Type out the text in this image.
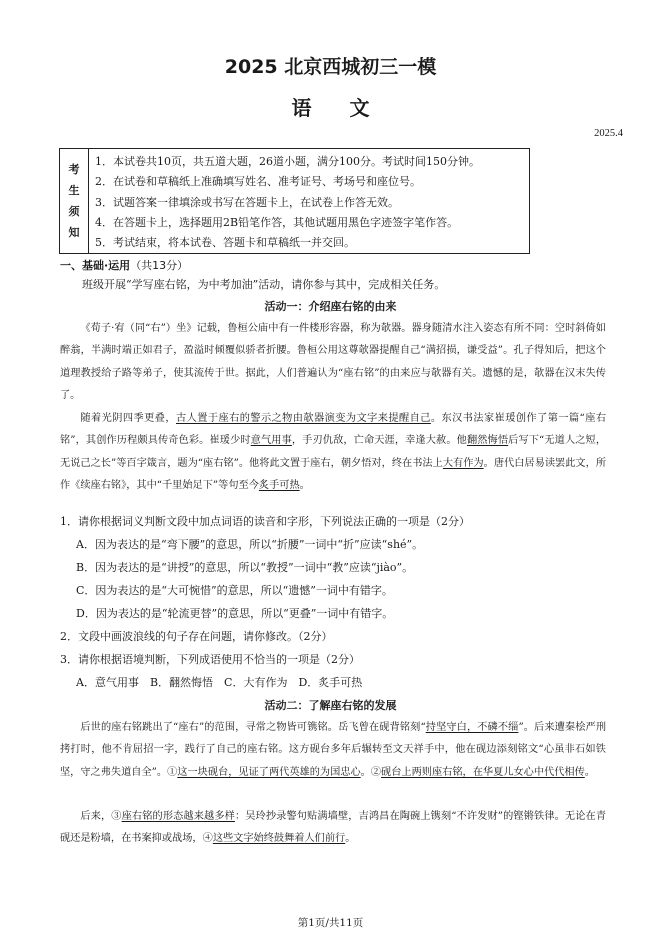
2025 北京西城初三一模
语 文
2025.4
考
生
须
知
1．本试卷共10页，共五道大题，26道小题，满分100分。考试时间150分钟。
2．在试卷和草稿纸上准确填写姓名、准考证号、考场号和座位号。
3．试题答案一律填涂或书写在答题卡上，在试卷上作答无效。
4．在答题卡上，选择题用2B铅笔作答，其他试题用黑色字迹签字笔作答。
5．考试结束，将本试卷、答题卡和草稿纸一并交回。
一、基础·运用（共13分）
班级开展“学写座右铭，为中考加油”活动，请你参与其中，完成相关任务。
活动一：介绍座右铭的由来
《荀子·宥（同“右”）坐》记载，鲁桓公庙中有一件楼形容器，称为欹器。器身随清水注入姿态有所不同：空时斜倚如醉翁，半满时端正如君子，盈溢时倾覆似骄者折腰。鲁桓公用这尊欹器提醒自己“满招损，谦受益”。孔子得知后，把这个道理教授给子路等弟子，使其流传于世。据此，人们普遍认为“座右铭”的由来应与欹器有关。遗憾的是，欹器在汉末失传了。
随着光阴四季更叠，古人置于座右的警示之物由欹器演变为文字来提醒自己。东汉书法家崔瑗创作了第一篇“座右铭”，其创作历程颇具传奇色彩。崔瑗少时意气用事，手刃仇敌，亡命天涯，幸逢大赦。他翻然悔悟后写下“无道人之短，无说己之长”等百字箴言，题为“座右铭”。他将此文置于座右，朝夕悟对，终在书法上大有作为。唐代白居易读罢此文，所作《续座右铭》，其中“千里始足下”等句至今炙手可热。
1．请你根据词义判断文段中加点词语的读音和字形，下列说法正确的一项是（2分）
A．因为表达的是“弯下腰”的意思，所以“折腰”一词中“折”应读“shé”。
B．因为表达的是“讲授”的意思，所以“教授”一词中“教”应读“jiào”。
C．因为表达的是“大可惋惜”的意思，所以“遗憾”一词中有错字。
D．因为表达的是“轮流更替”的意思，所以“更叠”一词中有错字。
2．文段中画波浪线的句子存在问题，请你修改。（2分）
3．请你根据语境判断，下列成语使用不恰当的一项是（2分）
A．意气用事　B．翻然悔悟　C．大有作为　D．炙手可热
活动二：了解座右铭的发展
后世的座右铭跳出了“座右”的范围，寻常之物皆可镌铭。岳飞曾在砚背铭刻“持坚守白，不磷不缁”。后来遭秦桧严刑拷打时，他不肯屈招一字，践行了自己的座右铭。这方砚台多年后辗转至文天祥手中，他在砚边添刻铭文“心虽非石如铁坚，守之弗失道自全”。①这一块砚台，见证了两代英雄的为国忠心。②砚台上两则座右铭，在华夏儿女心中代代相传。
后来，③座右铭的形态越来越多样：吴玲抄录警句贴满墙壁，吉鸿昌在陶碗上镌刻“不许发财”的铿锵铁律。无论在青砚还是粉墙，在书案抑或战场，④这些文字始终鼓舞着人们前行。
第1页/共11页
